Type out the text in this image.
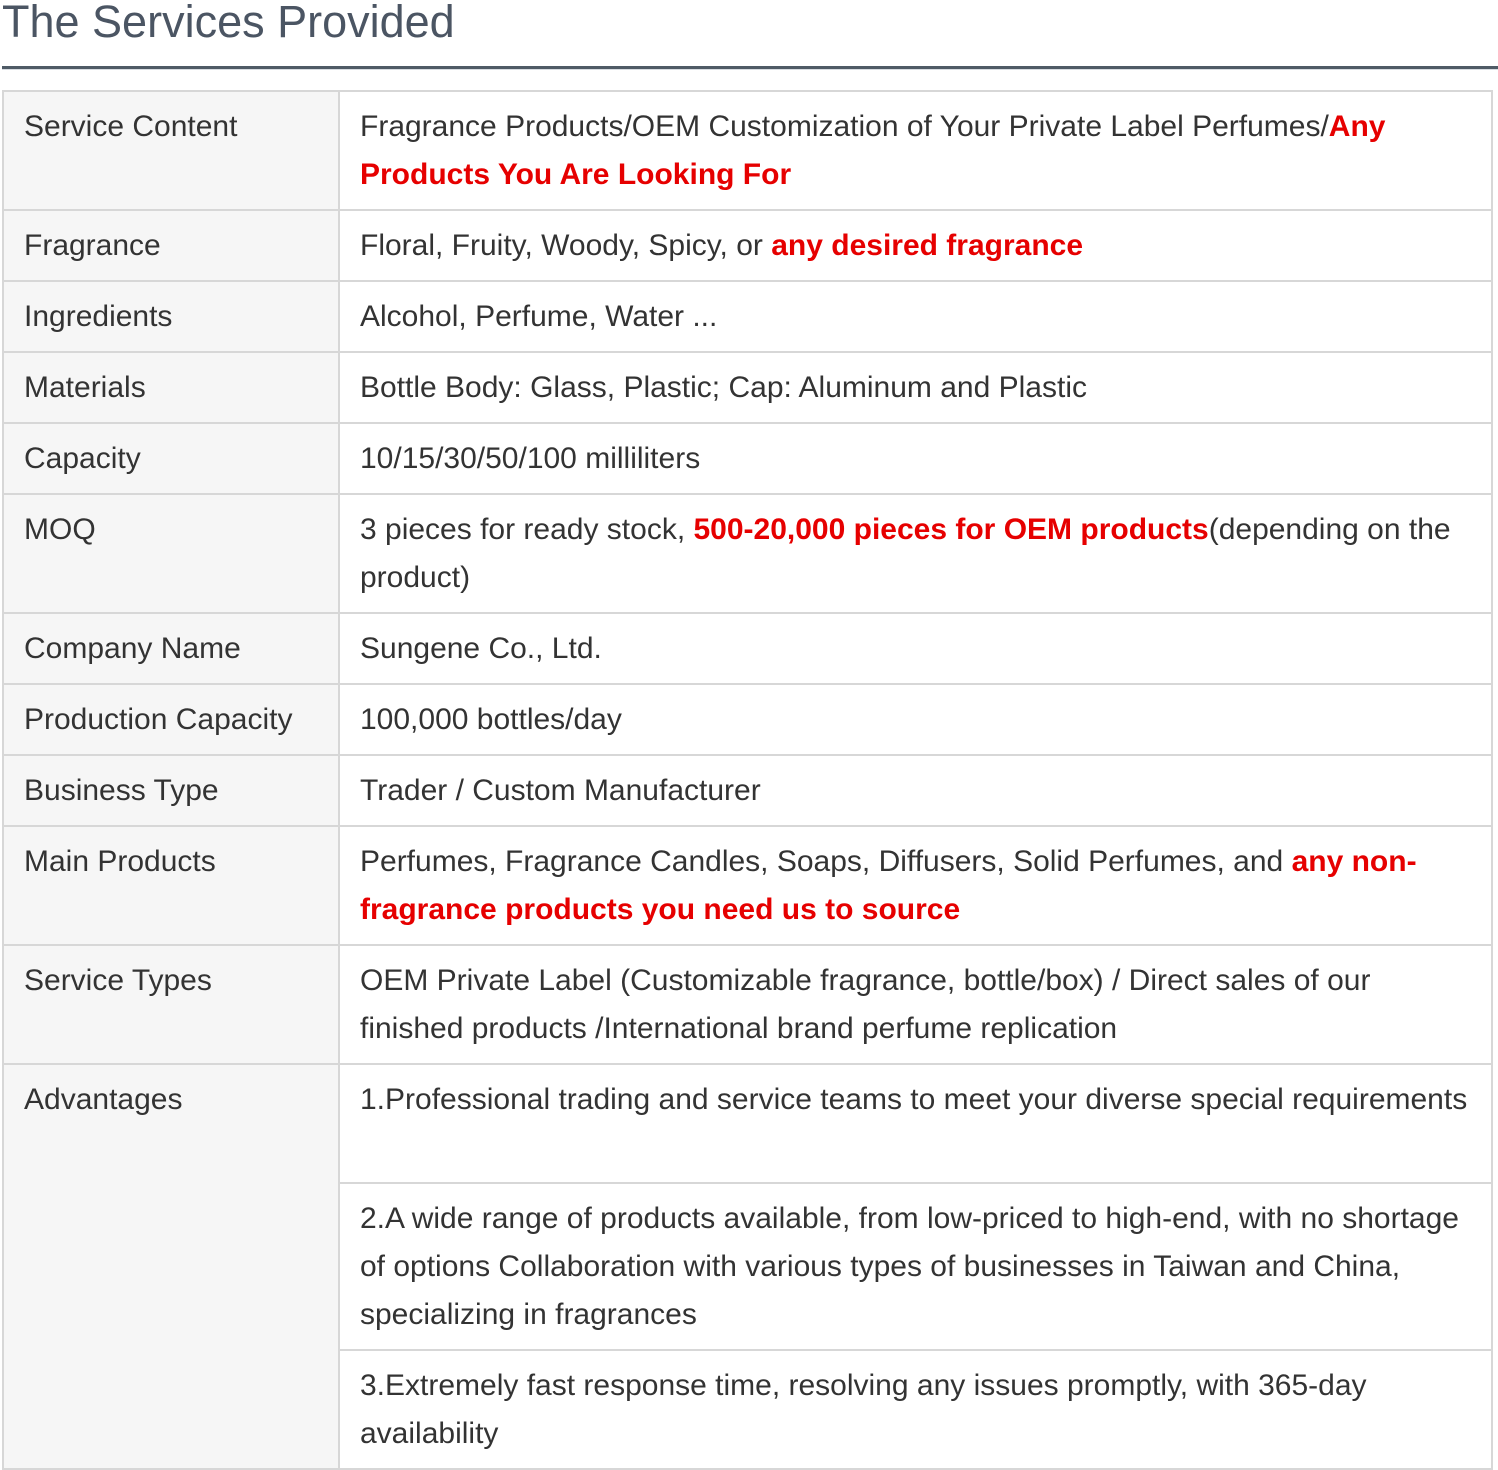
The Services Provided
Service Content	Fragrance Products/OEM Customization of Your Private Label Perfumes/Any Products You Are Looking For
Fragrance	Floral, Fruity, Woody, Spicy, or any desired fragrance
Ingredients	Alcohol, Perfume, Water ...
Materials	Bottle Body: Glass, Plastic; Cap: Aluminum and Plastic
Capacity	10/15/30/50/100 milliliters
MOQ	3 pieces for ready stock, 500-20,000 pieces for OEM products(depending on the product)
Company Name	Sungene Co., Ltd.
Production Capacity	100,000 bottles/day
Business Type	Trader / Custom Manufacturer
Main Products	Perfumes, Fragrance Candles, Soaps, Diffusers, Solid Perfumes, and any non-fragrance products you need us to source
Service Types	OEM Private Label (Customizable fragrance, bottle/box) / Direct sales of our finished products /International brand perfume replication
Advantages	1.Professional trading and service teams to meet your diverse special requirements
	2.A wide range of products available, from low-priced to high-end, with no shortage of options Collaboration with various types of businesses in Taiwan and China, specializing in fragrances
	3.Extremely fast response time, resolving any issues promptly, with 365-day availability
